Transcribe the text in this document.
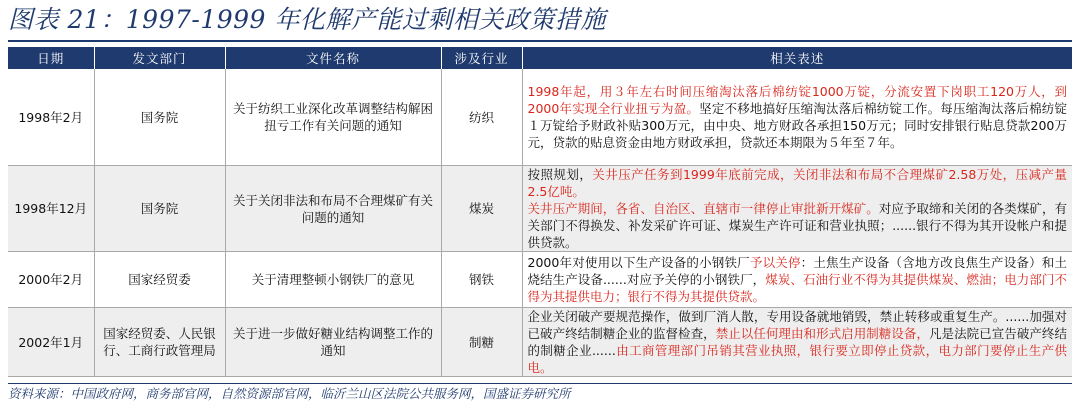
图表 21：1997-1999 年化解产能过剩相关政策措施
日期	发文部门	文件名称	涉及行业	相关表述
1998年2月	国务院	关于纺织工业深化改革调整结构解困扭亏工作有关问题的通知	纺织	1998年起，用３年左右时间压缩淘汰落后棉纺锭1000万锭，分流安置下岗职工120万人，到2000年实现全行业扭亏为盈。坚定不移地搞好压缩淘汰落后棉纺锭工作。每压缩淘汰落后棉纺锭１万锭给予财政补贴300万元，由中央、地方财政各承担150万元；同时安排银行贴息贷款200万元，贷款的贴息资金由地方财政承担，贷款还本期限为５年至７年。
1998年12月	国务院	关于关闭非法和布局不合理煤矿有关问题的通知	煤炭	按照规划，关井压产任务到1999年底前完成，关闭非法和布局不合理煤矿2.58万处，压减产量2.5亿吨。
关井压产期间，各省、自治区、直辖市一律停止审批新开煤矿。对应予取缔和关闭的各类煤矿，有关部门不得换发、补发采矿许可证、煤炭生产许可证和营业执照；......银行不得为其开设帐户和提供贷款。
2000年2月	国家经贸委	关于清理整顿小钢铁厂的意见	钢铁	2000年对使用以下生产设备的小钢铁厂予以关停：土焦生产设备（含地方改良焦生产设备）和土烧结生产设备......对应予关停的小钢铁厂，煤炭、石油行业不得为其提供煤炭、燃油；电力部门不得为其提供电力；银行不得为其提供贷款。
2002年1月	国家经贸委、人民银行、工商行政管理局	关于进一步做好糖业结构调整工作的通知	制糖	企业关闭破产要规范操作，做到厂消人散，专用设备就地销毁，禁止转移或重复生产。......加强对已破产终结制糖企业的监督检查，禁止以任何理由和形式启用制糖设备，凡是法院已宣告破产终结的制糖企业......由工商管理部门吊销其营业执照，银行要立即停止贷款，电力部门要停止生产供电。
资料来源：中国政府网，商务部官网，自然资源部官网，临沂兰山区法院公共服务网，国盛证券研究所
